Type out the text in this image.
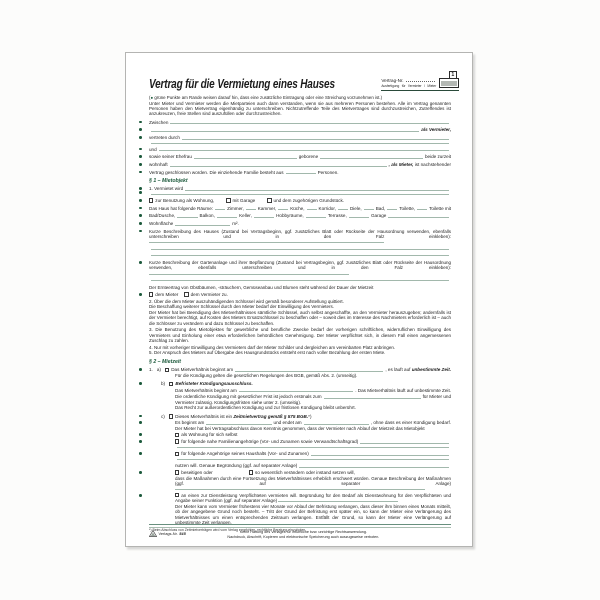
Vertrag für die Vermietung eines Hauses	Vertrag-Nr.
Ausfertigung für Vermieter / Mieter
1
(● grüne Punkte am Rande weisen darauf hin, dass eine zusätzliche Eintragung oder eine Streichung vorzunehmen ist.)
Unter Mieter und Vermieter werden die Mietparteien auch dann verstanden, wenn sie aus mehreren Personen bestehen. Alle im Vertrag genannten Personen haben den Mietvertrag eigenhändig zu unterschreiben. Nichtzutreffende Teile des Mietvertrages sind durchzustreichen, Zutreffendes ist anzukreuzen, freie Stellen sind auszufüllen oder durchzustreichen.
Zwischen
als Vermieter,
vertreten durch
und
sowie seiner Ehefrau	geborene	beide zurzeit
wohnhaft	, als Mieter,
ist nachstehender
Vertrag geschlossen worden. Die einziehende Familie besteht aus	Personen.
§ 1 – Mietobjekt
1. Vermietet wird
zur Benutzung als Wohnung,	mit Garage	und dem zugehörigen Grundstück.
Das Haus hat folgende Räume:	Zimmer,	Kammer,	Küche,	Korridor,	Diele,	Bad,	Toilette,	Toilette mit
Bad/Dusche,	Balkon,	Keller,	Hobbyräume,	Terrasse,	Garage
Wohnfläche	m².
Kurze Beschreibung des Hauses (Zustand bei Vertragsbeginn, ggf. zusätzliches Blatt oder Rückseite der Hausordnung verwenden, ebenfalls unterschreiben und in den Falz einkleben):
Kurze Beschreibung der Gartenanlage und ihrer Bepflanzung (Zustand bei Vertragsbeginn, ggf. zusätzliches Blatt oder Rückseite der Hausordnung verwenden, ebenfalls unterschreiben und in den Falz einkleben):
Der Ernteertrag von Obstbäumen, -sträuchern, Gemüseanbau und Blumen steht während der Dauer der Mietzeit
dem Mieter	dem Vermieter zu.
2. Über die dem Mieter auszuhändigenden Schlüssel wird gemäß besonderer Aufstellung quittiert.
Die Beschaffung weiterer Schlüssel durch den Mieter bedarf der Einwilligung des Vermieters.
Der Mieter hat bei Beendigung des Mietverhältnisses sämtliche Schlüssel, auch selbst angeschaffte, an den Vermieter herauszugeben; andernfalls ist der Vermieter berechtigt, auf Kosten des Mieters Ersatzschlüssel zu beschaffen oder – soweit dies im Interesse des Nachmieters erforderlich ist – auch die Schlösser zu verändern und dazu Schlüssel zu beschaffen.
3. Die Benutzung des Mietobjektes für gewerbliche und berufliche Zwecke bedarf der vorherigen schriftlichen, widerruflichen Einwilligung des Vermieters und Einholung einer etwa erforderlichen behördlichen Genehmigung. Der Mieter verpflichtet sich, in diesem Fall einen angemessenen Zuschlag zu zahlen.
4. Nur mit vorheriger Einwilligung des Vermieters darf der Mieter Schilder und dergleichen am vereinbarten Platz anbringen.
5. Der Anspruch des Mieters auf Übergabe des Hausgrundstücks entsteht erst nach voller Bezahlung der ersten Miete.
§ 2 – Mietzeit
1. a) Das Mietverhältnis beginnt am	, es läuft auf
unbestimmte Zeit.
Für die Kündigung gelten die gesetzlichen Regelungen des BGB, gemäß Abs. 2. (umseitig).
b) Befristeter Kündigungsausschluss.
Das Mietverhältnis beginnt am	. Das Mietverhältnis läuft auf unbestimmte Zeit.
Die ordentliche Kündigung mit gesetzlicher Frist ist jedoch erstmals zum	für Mieter und
Vermieter zulässig. Kündigungsfristen siehe unter 2. (umseitig).
Das Recht zur außerordentlichen Kündigung und zur fristlosen Kündigung bleibt unberührt.
c) Dieses Mietverhältnis ist ein
Zeitmietvertrag gemäß § 575 BGB. *)
Es beginnt am	und endet am	, ohne dass es einer Kündigung bedarf.
Der Mieter hat bei Vertragsabschluss davon Kenntnis genommen, dass der Vermieter nach Ablauf der Mietzeit das Mietobjekt
als Wohnung für sich selbst
für folgende nahe Familienangehörige (Vor- und Zunamen sowie Verwandtschaftsgrad)
für folgende Angehörige seines Haushalts (Vor- und Zunamen)
nutzen will. Genaue Begründung (ggf. auf separater Anlage)
beseitigen oder	so wesentlich verändern oder instand setzen will,
dass die Maßnahmen durch eine Fortsetzung des Mietverhältnisses erheblich erschwert würden. Genaue Beschreibung der Maßnahmen (ggf. auf separater Anlage)
an einen zur Dienstleistung Verpflichteten vermieten will. Begründung für den Bedarf als Dienstwohnung für den Verpflichteten und Angabe seiner Funktion (ggf. auf separater Anlage)
Der Mieter kann vom Vermieter frühestens vier Monate vor Ablauf der Befristung verlangen, dass dieser ihm binnen eines Monats mitteilt, ob der angegebene Grund noch besteht. – Tritt der Grund der Befristung erst später ein, so kann der Mieter eine Verlängerung des Mietverhältnisses um einen entsprechenden Zeitraum verlangen. Entfällt der Grund, so kann der Mieter eine Verlängerung auf unbestimmte Zeit verlangen.
*) Beim Abschluss von Zeitmietverträgen wird vom Verlag empfohlen, rechtliche Beratung einzuholen.
Verlags-Nr. 545	Keine Haftung des Verlages für irrtümliche bzw. unrichtige Rechtsanwendung.
Nachdruck, Abschrift, Kopieren und elektronische Speicherung auch auszugsweise verboten.
